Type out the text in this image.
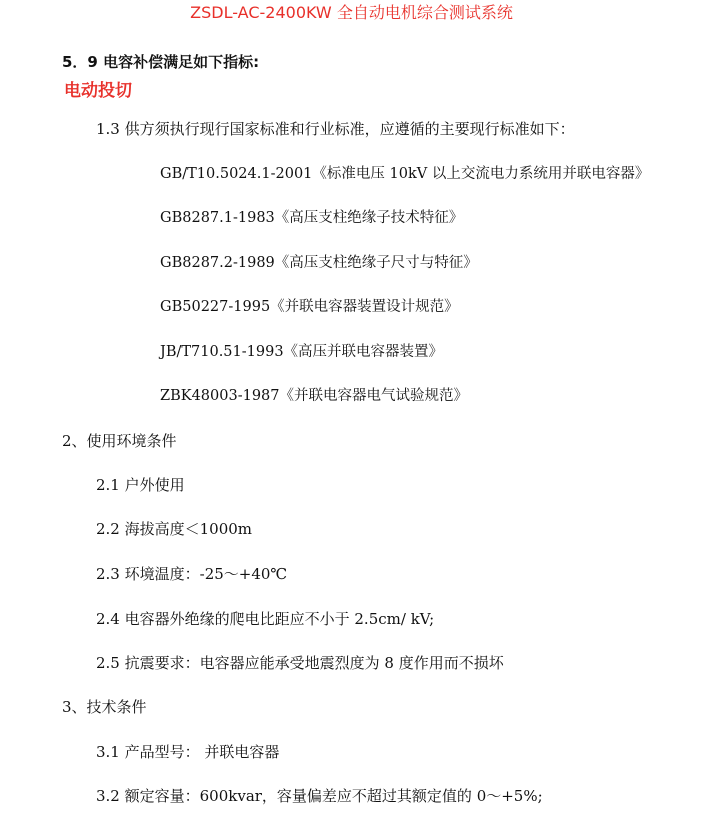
ZSDL-AC-2400KW 全自动电机综合测试系统
5．9 电容补偿满足如下指标:
电动投切
1.3 供方须执行现行国家标准和行业标准，应遵循的主要现行标准如下：
GB/T10.5024.1-2001《标准电压 10kV 以上交流电力系统用并联电容器》
GB8287.1-1983《高压支柱绝缘子技术特征》
GB8287.2-1989《高压支柱绝缘子尺寸与特征》
GB50227-1995《并联电容器装置设计规范》
JB/T710.51-1993《高压并联电容器装置》
ZBK48003-1987《并联电容器电气试验规范》
2、使用环境条件
2.1 户外使用
2.2 海拔高度＜1000m
2.3 环境温度：-25～+40℃
2.4 电容器外绝缘的爬电比距应不小于 2.5cm/ kV;
2.5 抗震要求：电容器应能承受地震烈度为 8 度作用而不损坏
3、技术条件
3.1 产品型号： 并联电容器
3.2 额定容量：600kvar，容量偏差应不超过其额定值的 0～+5%;
